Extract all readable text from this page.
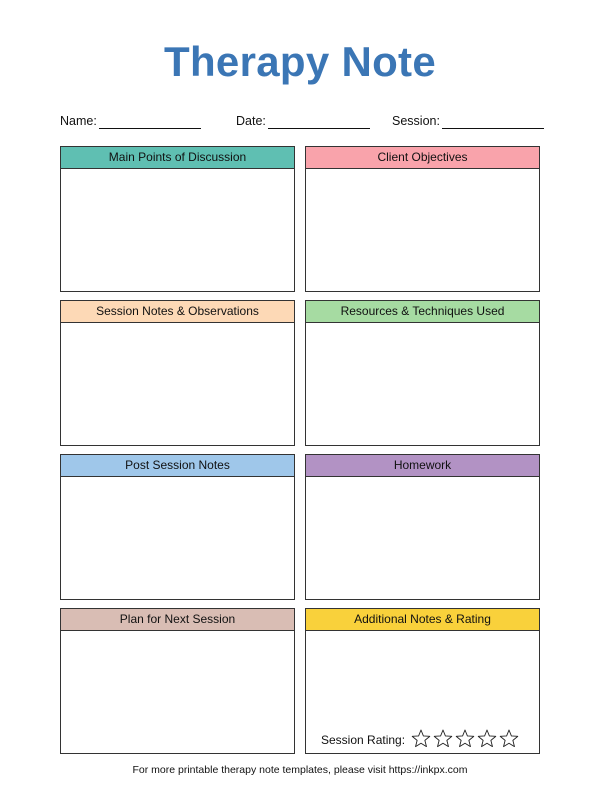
Therapy Note
Name:	Date:	Session:
Main Points of Discussion	Client Objectives
Session Notes & Observations	Resources & Techniques Used
Post Session Notes	Homework
Plan for Next Session	Additional Notes & Rating
Session Rating:
For more printable therapy note templates, please visit https://inkpx.com
